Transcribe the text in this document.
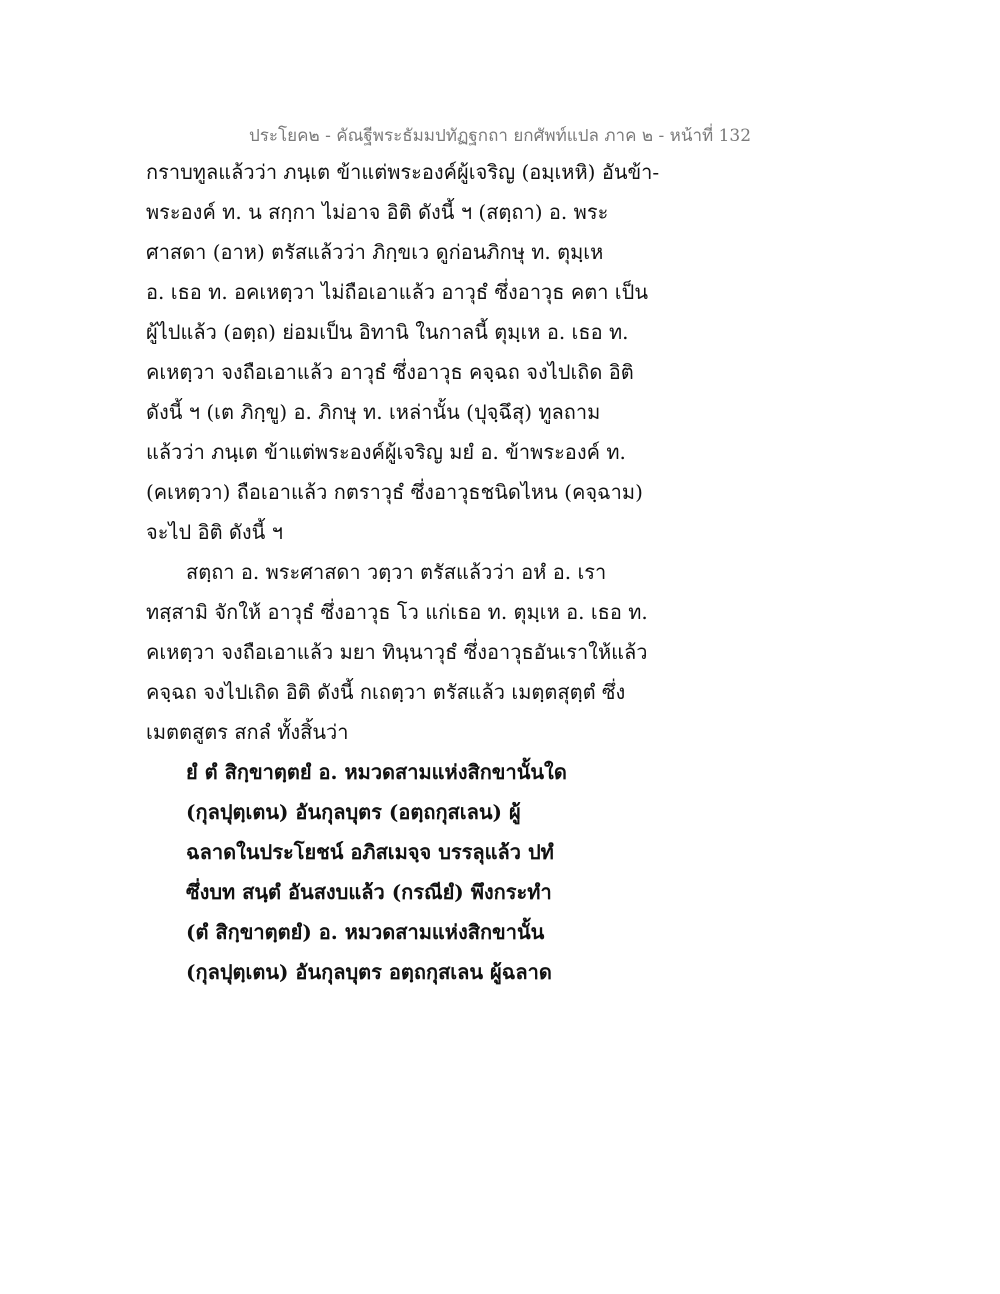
ประโยค๒ - คัณฐีพระธัมมปทัฏฐกถา ยกศัพท์แปล ภาค ๒ - หน้าที่ 132
กราบทูลแล้วว่า ภนฺเต ข้าแต่พระองค์ผู้เจริญ (อมฺเหหิ) อันข้า-
พระองค์ ท. น สกฺกา ไม่อาจ อิติ ดังนี้ ฯ (สตฺถา) อ. พระ
ศาสดา (อาห) ตรัสแล้วว่า ภิกฺขเว ดูก่อนภิกษุ ท. ตุมฺเห
อ. เธอ ท. อคเหตฺวา ไม่ถือเอาแล้ว อาวุธํ ซึ่งอาวุธ คตา เป็น
ผู้ไปแล้ว (อตฺถ) ย่อมเป็น อิทานิ ในกาลนี้ ตุมฺเห อ. เธอ ท.
คเหตฺวา จงถือเอาแล้ว อาวุธํ ซึ่งอาวุธ คจฺฉถ จงไปเถิด อิติ
ดังนี้ ฯ (เต ภิกฺขู) อ. ภิกษุ ท. เหล่านั้น (ปุจฺฉึสุ) ทูลถาม
แล้วว่า ภนฺเต ข้าแต่พระองค์ผู้เจริญ มยํ อ. ข้าพระองค์ ท.
(คเหตฺวา) ถือเอาแล้ว กตราวุธํ ซึ่งอาวุธชนิดไหน (คจฺฉาม)
จะไป อิติ ดังนี้ ฯ
สตฺถา อ. พระศาสดา วตฺวา ตรัสแล้วว่า อหํ อ. เรา
ทสฺสามิ จักให้ อาวุธํ ซึ่งอาวุธ โว แก่เธอ ท. ตุมฺเห อ. เธอ ท.
คเหตฺวา จงถือเอาแล้ว มยา ทินฺนาวุธํ ซึ่งอาวุธอันเราให้แล้ว
คจฺฉถ จงไปเถิด อิติ ดังนี้ กเถตฺวา ตรัสแล้ว เมตฺตสุตฺตํ ซึ่ง
เมตตสูตร สกลํ ทั้งสิ้นว่า
ยํ ตํ สิกฺขาตฺตยํ อ. หมวดสามแห่งสิกขานั้นใด
(กุลปุตฺเตน) อันกุลบุตร (อตฺถกุสเลน) ผู้
ฉลาดในประโยชน์ อภิสเมจฺจ บรรลุแล้ว ปทํ
ซึ่งบท สนฺตํ อันสงบแล้ว (กรณียํ) พึงกระทำ
(ตํ สิกฺขาตฺตยํ) อ. หมวดสามแห่งสิกขานั้น
(กุลปุตฺเตน) อันกุลบุตร อตฺถกุสเลน ผู้ฉลาด
